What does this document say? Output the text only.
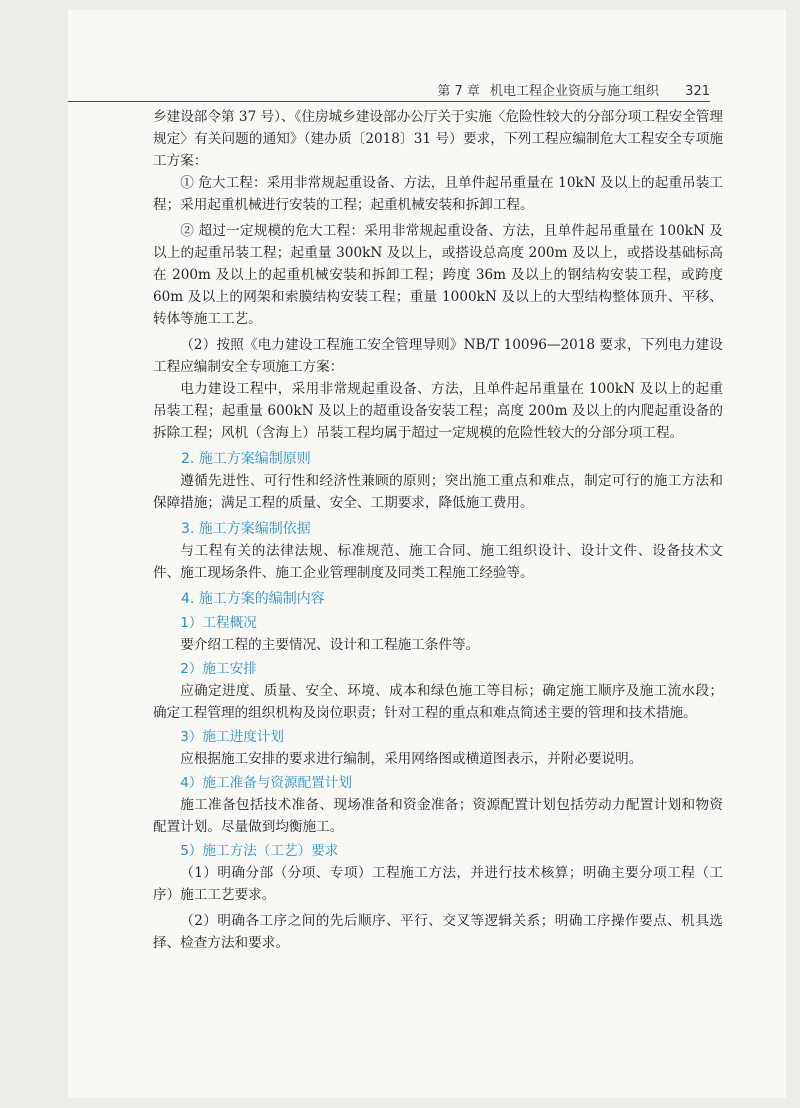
第 7 章 机电工程企业资质与施工组织 321

乡建设部令第 37 号）、《住房城乡建设部办公厅关于实施〈危险性较大的分部分项工程安全管理规定〉有关问题的通知》（建办质〔2018〕31 号）要求，下列工程应编制危大工程安全专项施工方案：

① 危大工程：采用非常规起重设备、方法，且单件起吊重量在 10kN 及以上的起重吊装工程；采用起重机械进行安装的工程；起重机械安装和拆卸工程。

② 超过一定规模的危大工程：采用非常规起重设备、方法，且单件起吊重量在 100kN 及以上的起重吊装工程；起重量 300kN 及以上，或搭设总高度 200m 及以上，或搭设基础标高在 200m 及以上的起重机械安装和拆卸工程；跨度 36m 及以上的钢结构安装工程，或跨度 60m 及以上的网架和索膜结构安装工程；重量 1000kN 及以上的大型结构整体顶升、平移、转体等施工工艺。

（2）按照《电力建设工程施工安全管理导则》NB/T 10096—2018 要求，下列电力建设工程应编制安全专项施工方案：

电力建设工程中，采用非常规起重设备、方法，且单件起吊重量在 100kN 及以上的起重吊装工程；起重量 600kN 及以上的超重设备安装工程；高度 200m 及以上的内爬起重设备的拆除工程；风机（含海上）吊装工程均属于超过一定规模的危险性较大的分部分项工程。

2. 施工方案编制原则

遵循先进性、可行性和经济性兼顾的原则；突出施工重点和难点，制定可行的施工方法和保障措施；满足工程的质量、安全、工期要求，降低施工费用。

3. 施工方案编制依据

与工程有关的法律法规、标准规范、施工合同、施工组织设计、设计文件、设备技术文件、施工现场条件、施工企业管理制度及同类工程施工经验等。

4. 施工方案的编制内容
1）工程概况

要介绍工程的主要情况、设计和工程施工条件等。

2）施工安排

应确定进度、质量、安全、环境、成本和绿色施工等目标；确定施工顺序及施工流水段；确定工程管理的组织机构及岗位职责；针对工程的重点和难点简述主要的管理和技术措施。

3）施工进度计划

应根据施工安排的要求进行编制，采用网络图或横道图表示，并附必要说明。

4）施工准备与资源配置计划

施工准备包括技术准备、现场准备和资金准备；资源配置计划包括劳动力配置计划和物资配置计划。尽量做到均衡施工。

5）施工方法（工艺）要求

（1）明确分部（分项、专项）工程施工方法，并进行技术核算；明确主要分项工程（工序）施工工艺要求。

（2）明确各工序之间的先后顺序、平行、交叉等逻辑关系；明确工序操作要点、机具选择、检查方法和要求。
